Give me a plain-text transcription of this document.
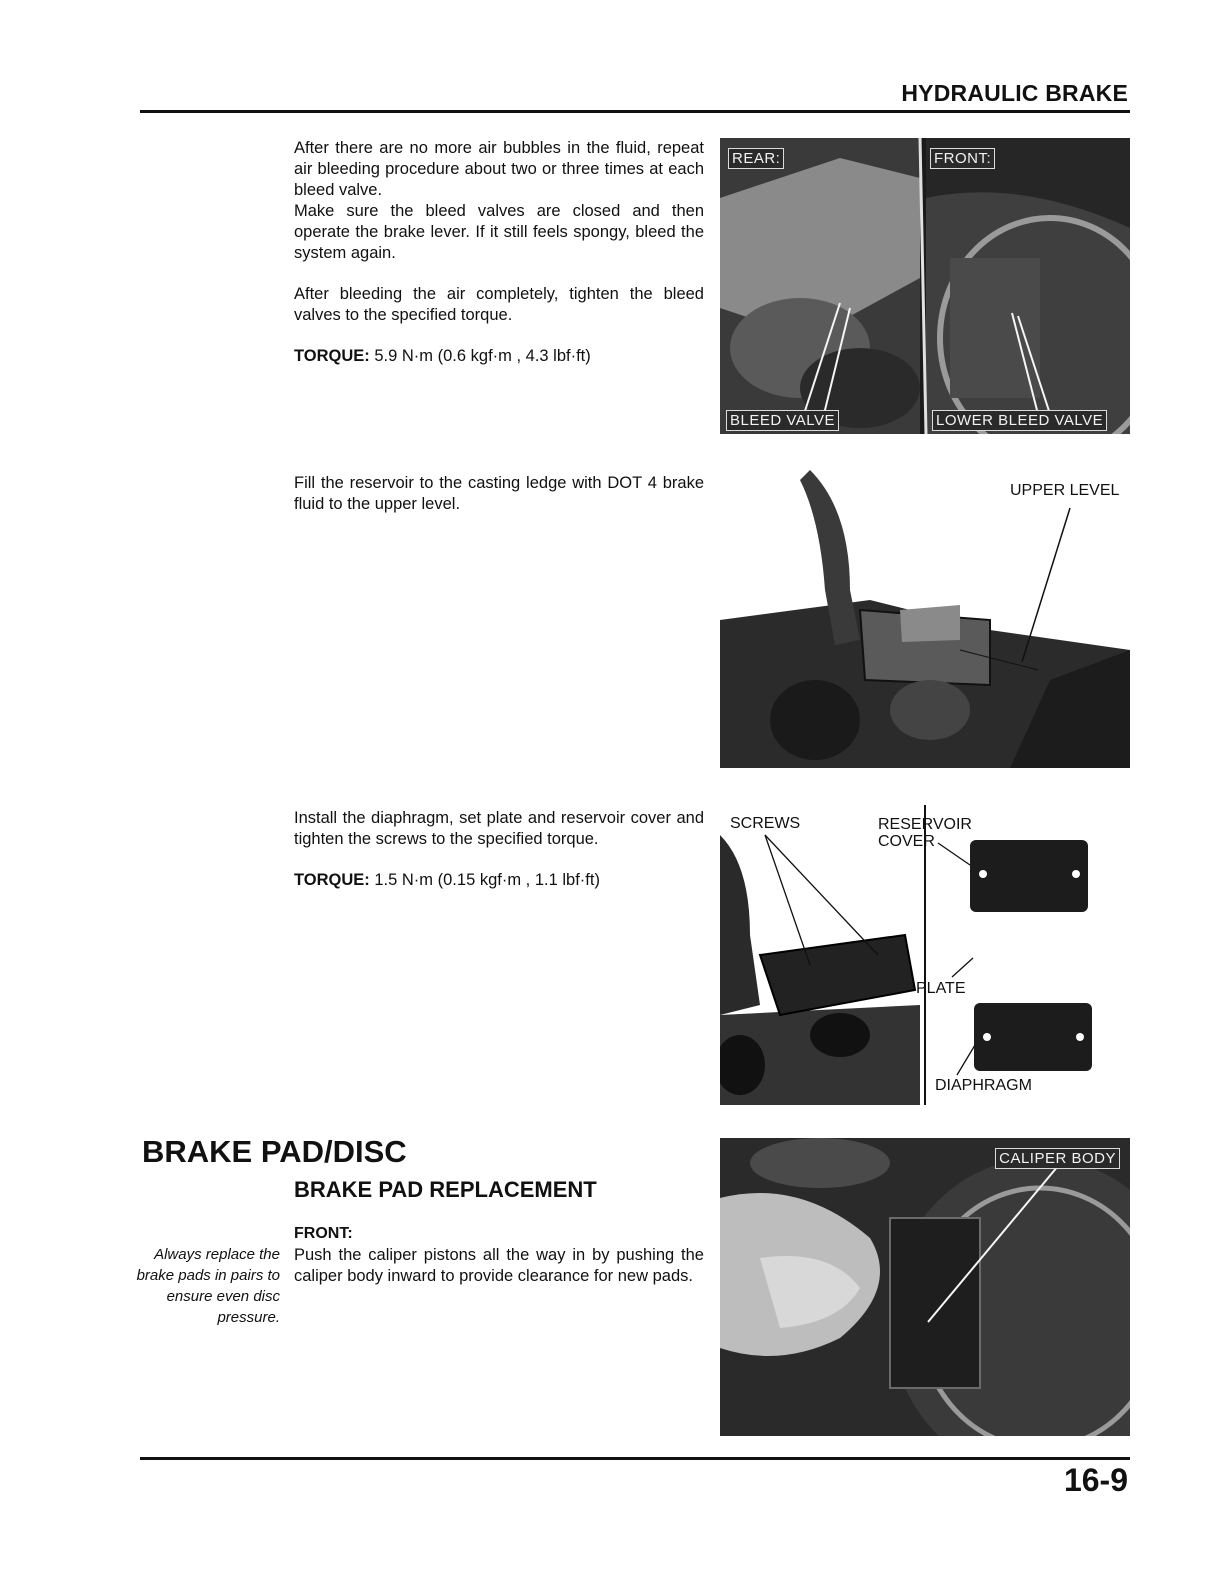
HYDRAULIC BRAKE

After there are no more air bubbles in the fluid, repeat air bleeding procedure about two or three times at each bleed valve.

Make sure the bleed valves are closed and then operate the brake lever. If it still feels spongy, bleed the system again.

After bleeding the air completely, tighten the bleed valves to the specified torque.

TORQUE: 5.9 N·m (0.6 kgf·m , 4.3 lbf·ft)

REAR:	FRONT:
BLEED VALVE	LOWER BLEED VALVE

Fill the reservoir to the casting ledge with DOT 4 brake fluid to the upper level.

UPPER LEVEL

Install the diaphragm, set plate and reservoir cover and tighten the screws to the specified torque.

TORQUE: 1.5 N·m (0.15 kgf·m , 1.1 lbf·ft)

SCREWS	RESERVOIR
COVER
PLATE
DIAPHRAGM
BRAKE PAD/DISC
BRAKE PAD REPLACEMENT
FRONT:

Push the caliper pistons all the way in by pushing the caliper body inward to provide clearance for new pads.

Always replace the brake pads in pairs to ensure even disc pressure.
CALIPER BODY
16-9
